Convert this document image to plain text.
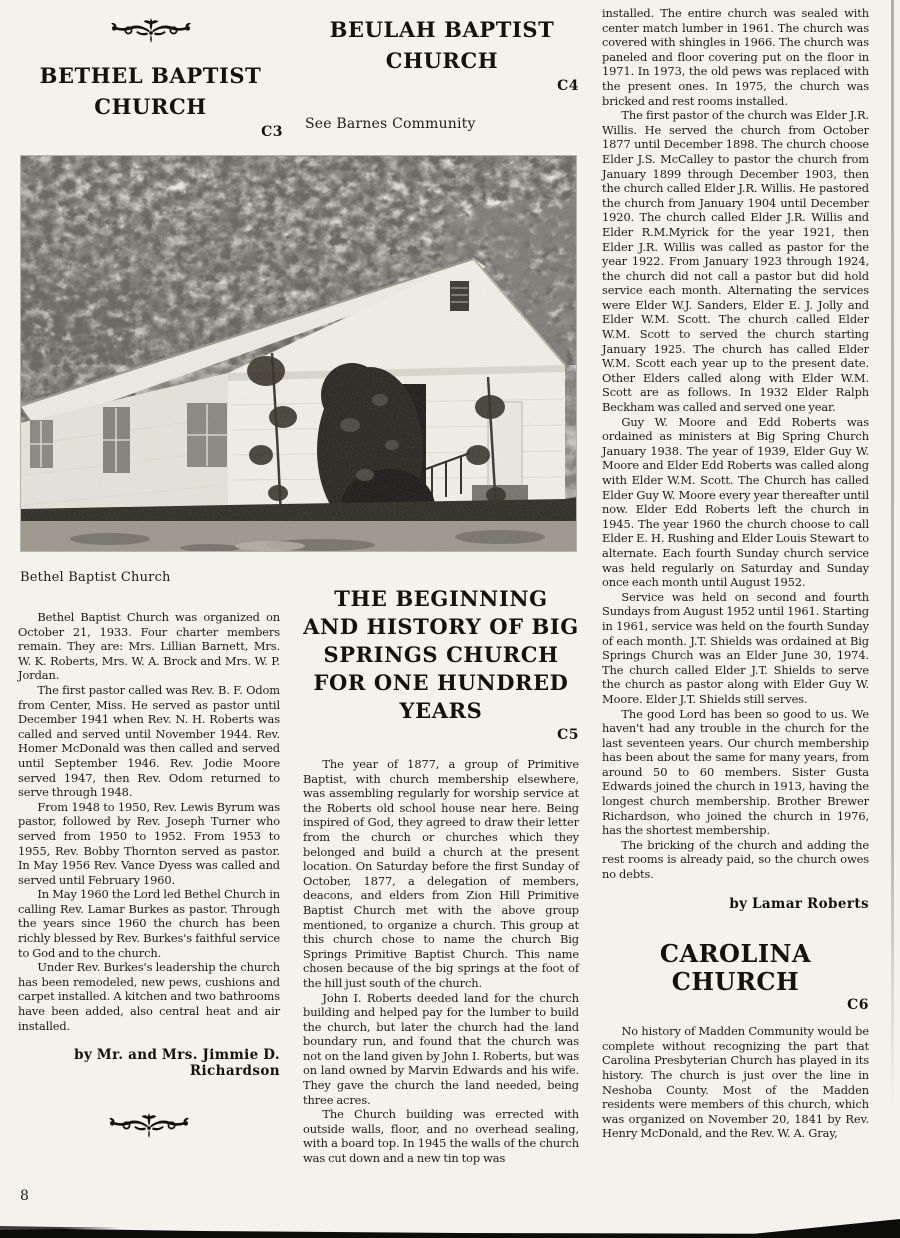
BETHEL BAPTIST CHURCH
C3
BEULAH BAPTIST CHURCH
C4
See Barnes Community
Bethel Baptist Church

Bethel Baptist Church was organized on October 21, 1933. Four charter members remain. They are: Mrs. Lillian Barnett, Mrs. W. K. Roberts, Mrs. W. A. Brock and Mrs. W. P. Jordan.

The first pastor called was Rev. B. F. Odom from Center, Miss. He served as pastor until December 1941 when Rev. N. H. Roberts was called and served until November 1944. Rev. Homer McDonald was then called and served until September 1946. Rev. Jodie Moore served 1947, then Rev. Odom returned to serve through 1948.

From 1948 to 1950, Rev. Lewis Byrum was pastor, followed by Rev. Joseph Turner who served from 1950 to 1952. From 1953 to 1955, Rev. Bobby Thornton served as pastor. In May 1956 Rev. Vance Dyess was called and served until February 1960.

In May 1960 the Lord led Bethel Church in calling Rev. Lamar Burkes as pastor. Through the years since 1960 the church has been richly blessed by Rev. Burkes's faithful service to God and to the church.

Under Rev. Burkes's leadership the church has been remodeled, new pews, cushions and carpet installed. A kitchen and two bathrooms have been added, also central heat and air installed.

by Mr. and Mrs. Jimmie D.
Richardson
THE BEGINNING AND HISTORY OF BIG SPRINGS CHURCH FOR ONE HUNDRED YEARS
C5

The year of 1877, a group of Primitive Baptist, with church membership elsewhere, was assembling regularly for worship service at the Roberts old school house near here. Being inspired of God, they agreed to draw their letter from the church or churches which they belonged and build a church at the present location. On Saturday before the first Sunday of October, 1877, a delegation of members, deacons, and elders from Zion Hill Primitive Baptist Church met with the above group mentioned, to organize a church. This group at this church chose to name the church Big Springs Primitive Baptist Church. This name chosen because of the big springs at the foot of the hill just south of the church.

John I. Roberts deeded land for the church building and helped pay for the lumber to build the church, but later the church had the land boundary run, and found that the church was not on the land given by John I. Roberts, but was on land owned by Marvin Edwards and his wife. They gave the church the land needed, being three acres.

The Church building was errected with outside walls, floor, and no overhead sealing, with a board top. In 1945 the walls of the church was cut down and a new tin top was

installed. The entire church was sealed with center match lumber in 1961. The church was covered with shingles in 1966. The church was paneled and floor covering put on the floor in 1971. In 1973, the old pews was replaced with the present ones. In 1975, the church was bricked and rest rooms installed.

The first pastor of the church was Elder J.R. Willis. He served the church from October 1877 until December 1898. The church choose Elder J.S. McCalley to pastor the church from January 1899 through December 1903, then the church called Elder J.R. Willis. He pastored the church from January 1904 until December 1920. The church called Elder J.R. Willis and Elder R.M.Myrick for the year 1921, then Elder J.R. Willis was called as pastor for the year 1922. From January 1923 through 1924, the church did not call a pastor but did hold service each month. Alternating the services were Elder W.J. Sanders, Elder E. J. Jolly and Elder W.M. Scott. The church called Elder W.M. Scott to served the church starting January 1925. The church has called Elder W.M. Scott each year up to the present date. Other Elders called along with Elder W.M. Scott are as follows. In 1932 Elder Ralph Beckham was called and served one year.

Guy W. Moore and Edd Roberts was ordained as ministers at Big Spring Church January 1938. The year of 1939, Elder Guy W. Moore and Elder Edd Roberts was called along with Elder W.M. Scott. The Church has called Elder Guy W. Moore every year thereafter until now. Elder Edd Roberts left the church in 1945. The year 1960 the church choose to call Elder E. H. Rushing and Elder Louis Stewart to alternate. Each fourth Sunday church service was held regularly on Saturday and Sunday once each month until August 1952.

Service was held on second and fourth Sundays from August 1952 until 1961. Starting in 1961, service was held on the fourth Sunday of each month. J.T. Shields was ordained at Big Springs Church was an Elder June 30, 1974. The church called Elder J.T. Shields to serve the church as pastor along with Elder Guy W. Moore. Elder J.T. Shields still serves.

The good Lord has been so good to us. We haven't had any trouble in the church for the last seventeen years. Our church membership has been about the same for many years, from around 50 to 60 members. Sister Gusta Edwards joined the church in 1913, having the longest church membership. Brother Brewer Richardson, who joined the church in 1976, has the shortest membership.

The bricking of the church and adding the rest rooms is already paid, so the church owes no debts.

by Lamar Roberts
CAROLINA CHURCH
C6

No history of Madden Community would be complete without recognizing the part that Carolina Presbyterian Church has played in its history. The church is just over the line in Neshoba County. Most of the Madden residents were members of this church, which was organized on November 20, 1841 by Rev. Henry McDonald, and the Rev. W. A. Gray,

8
